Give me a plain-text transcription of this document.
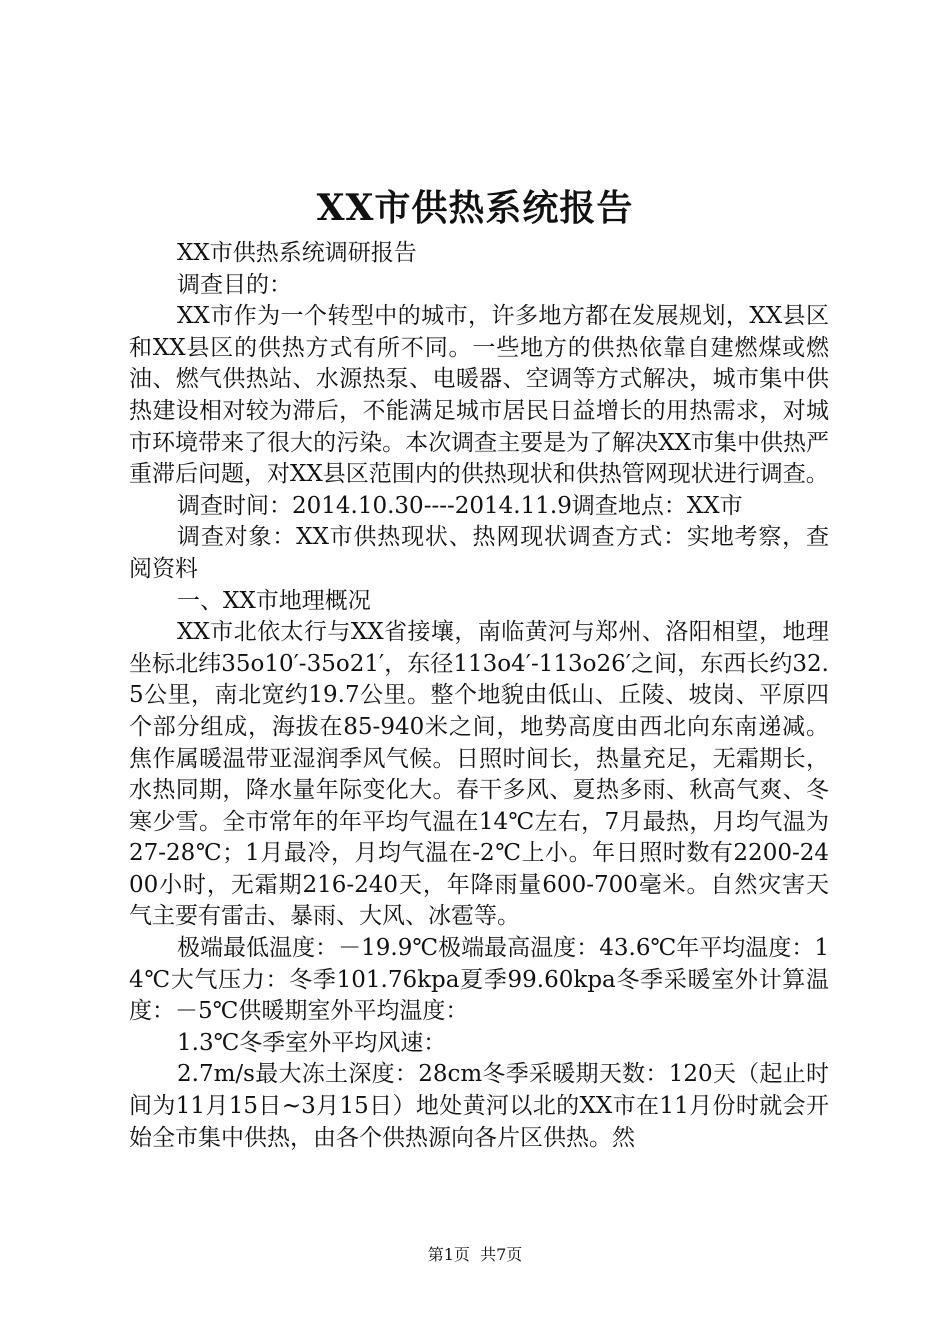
XX市供热系统报告

XX市供热系统调研报告

调查目的：

XX市作为一个转型中的城市，许多地方都在发展规划，XX县区和XX县区的供热方式有所不同。一些地方的供热依靠自建燃煤或燃油、燃气供热站、水源热泵、电暖器、空调等方式解决，城市集中供热建设相对较为滞后，不能满足城市居民日益增长的用热需求，对城市环境带来了很大的污染。本次调查主要是为了解决XX市集中供热严重滞后问题，对XX县区范围内的供热现状和供热管网现状进行调查。

调查时间：2014.10.30----2014.11.9调查地点：XX市

调查对象：XX市供热现状、热网现状调查方式：实地考察，查阅资料

一、XX市地理概况

XX市北依太行与XX省接壤，南临黄河与郑州、洛阳相望，地理坐标北纬35o10′-35o21′，东径113o4′-113o26′之间，东西长约32.5公里，南北宽约19.7公里。整个地貌由低山、丘陵、坡岗、平原四个部分组成，海拔在85-940米之间，地势高度由西北向东南递减。焦作属暖温带亚湿润季风气候。日照时间长，热量充足，无霜期长，水热同期，降水量年际变化大。春干多风、夏热多雨、秋高气爽、冬寒少雪。全市常年的年平均气温在14℃左右，7月最热，月均气温为27-28℃；1月最冷，月均气温在-2℃上小。年日照时数有2200-2400小时，无霜期216-240天，年降雨量600-700毫米。自然灾害天气主要有雷击、暴雨、大风、冰雹等。

极端最低温度：－19.9℃极端最高温度：43.6℃年平均温度：14℃大气压力：冬季101.76kpa夏季99.60kpa冬季采暖室外计算温度：－5℃供暖期室外平均温度：

1.3℃冬季室外平均风速：

2.7m/s最大冻土深度：28cm冬季采暖期天数：120天（起止时间为11月15日~3月15日）地处黄河以北的XX市在11月份时就会开始全市集中供热，由各个供热源向各片区供热。然

第1页  共7页
